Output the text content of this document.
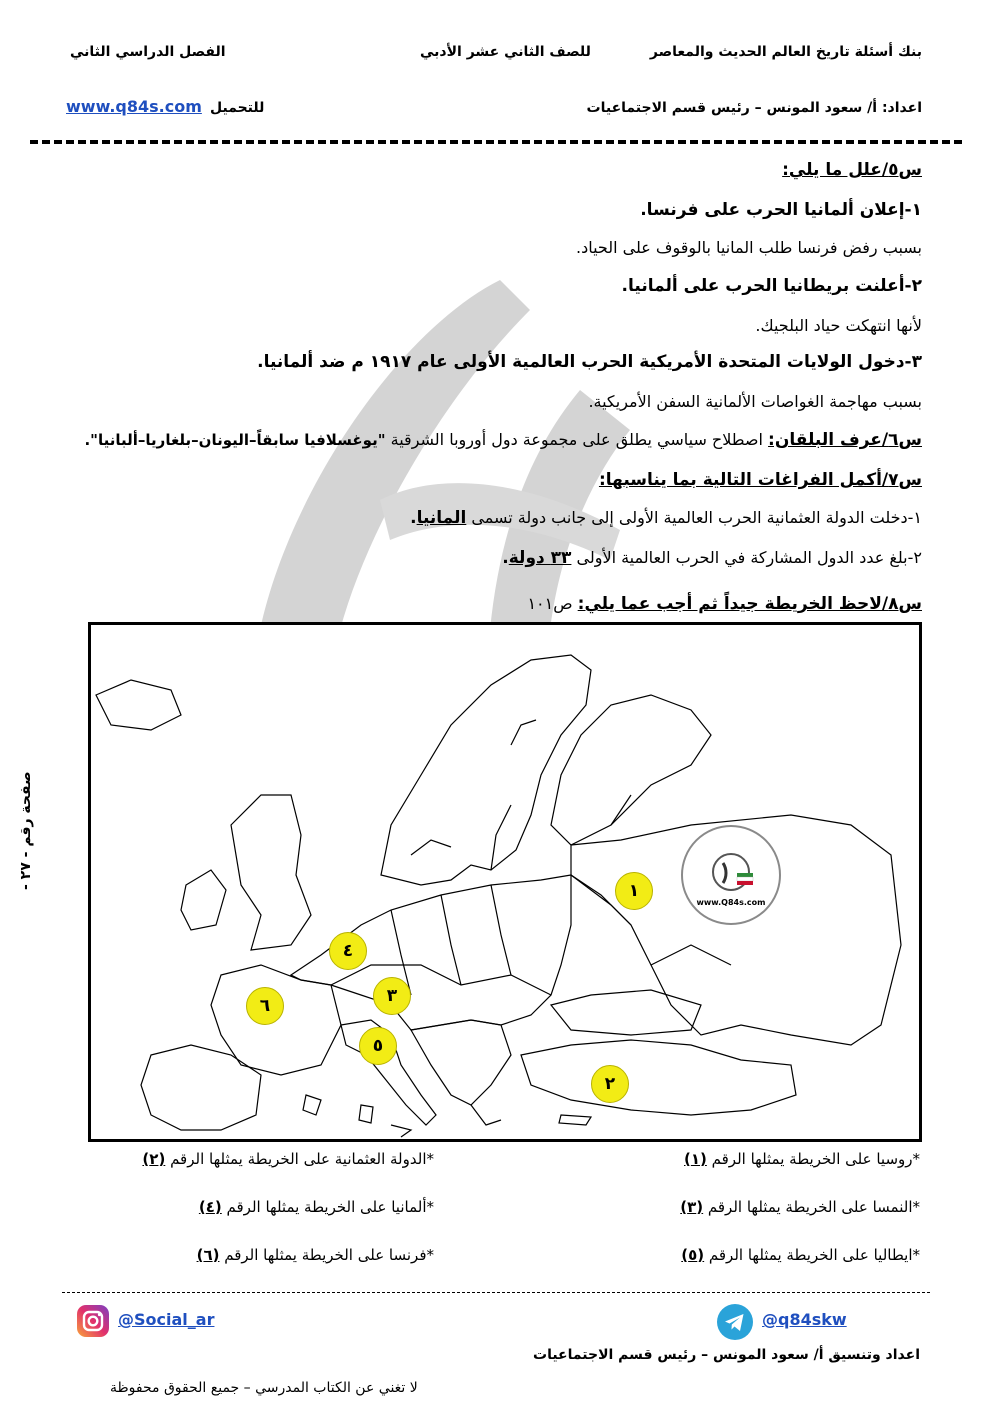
بنك أسئلة تاريخ العالم الحديث والمعاصر
للصف الثاني عشر الأدبي
الفصل الدراسي الثاني
اعداد: أ/ سعود المونس – رئيس قسم الاجتماعيات
للتحميل
www.q84s.com
س٥/علل ما يلي:
١-إعلان ألمانيا الحرب على فرنسا.
بسبب رفض فرنسا طلب المانيا بالوقوف على الحياد.
٢-أعلنت بريطانيا الحرب على ألمانيا.
لأنها انتهكت حياد البلجيك.
٣-دخول الولايات المتحدة الأمريكية الحرب العالمية الأولى عام ١٩١٧ م ضد ألمانيا.
بسبب مهاجمة الغواصات الألمانية السفن الأمريكية.
س٦/عرف البلقان: اصطلاح سياسي يطلق على مجموعة دول أوروبا الشرقية "يوغسلافيا سابقاً–اليونان–بلغاريا–ألبانيا".
س٧/أكمل الفراغات التالية بما يناسبها:
١-دخلت الدولة العثمانية الحرب العالمية الأولى إلى جانب دولة تسمى المانيا.
٢-بلغ عدد الدول المشاركة في الحرب العالمية الأولى ٣٣ دولة.
س٨/لاحظ الخريطة جيداً ثم أجب عما يلي: ص١٠١
www.Q84s.com
١
٢
٣
٤
٥
٦
صفحة رقم - ٢٧ -
*روسيا على الخريطة يمثلها الرقم (١)
*الدولة العثمانية على الخريطة يمثلها الرقم (٢)
*النمسا على الخريطة يمثلها الرقم (٣)
*ألمانيا على الخريطة يمثلها الرقم (٤)
*ايطاليا على الخريطة يمثلها الرقم (٥)
*فرنسا على الخريطة يمثلها الرقم (٦)
@Social_ar	@q84skw
اعداد وتنسيق أ/ سعود المونس – رئيس قسم الاجتماعيات
لا تغني عن الكتاب المدرسي – جميع الحقوق محفوظة
